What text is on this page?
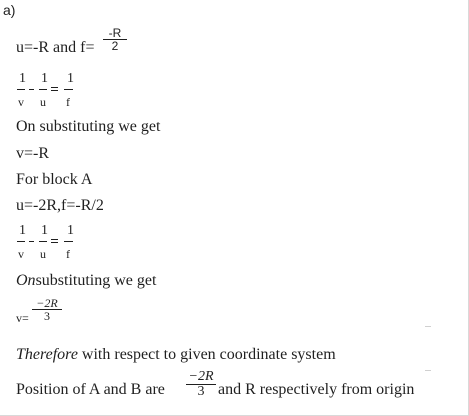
a)
u=-R and f=
-R
2
1 1 1
v u f
On substituting we get
v=-R
For block A
u=-2R,f=-R/2
1 1 1
v u f
Onsubstituting we get
v=
−2R
3
Therefore with respect to given coordinate system
Position of A and B are
−2R
3 and R respectively from origin
